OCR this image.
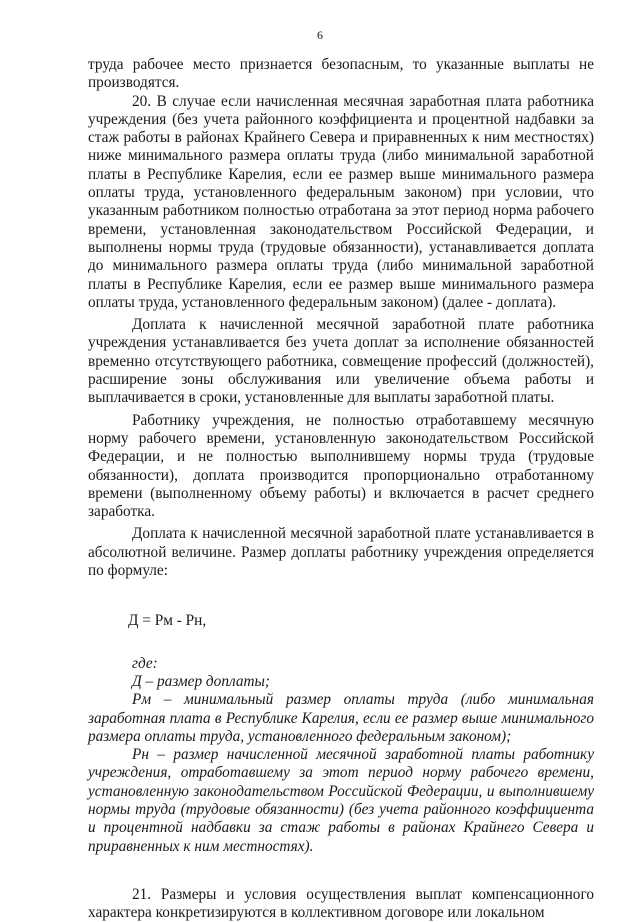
6

труда рабочее место признается безопасным, то указанные выплаты не производятся.

20. В случае если начисленная месячная заработная плата работника учреждения (без учета районного коэффициента и процентной надбавки за стаж работы в районах Крайнего Севера и приравненных к ним местностях) ниже минимального размера оплаты труда (либо минимальной заработной платы в Республике Карелия, если ее размер выше минимального размера оплаты труда, установленного федеральным законом) при условии, что указанным работником полностью отработана за этот период норма рабочего времени, установленная законодательством Российской Федерации, и выполнены нормы труда (трудовые обязанности), устанавливается доплата до минимального размера оплаты труда (либо минимальной заработной платы в Республике Карелия, если ее размер выше минимального размера оплаты труда, установленного федеральным законом) (далее - доплата).

Доплата к начисленной месячной заработной плате работника учреждения устанавливается без учета доплат за исполнение обязанностей временно отсутствующего работника, совмещение профессий (должностей), расширение зоны обслуживания или увеличение объема работы и выплачивается в сроки, установленные для выплаты заработной платы.

Работнику учреждения, не полностью отработавшему месячную норму рабочего времени, установленную законодательством Российской Федерации, и не полностью выполнившему нормы труда (трудовые обязанности), доплата производится пропорционально отработанному времени (выполненному объему работы) и включается в расчет среднего заработка.

Доплата к начисленной месячной заработной плате устанавливается в абсолютной величине. Размер доплаты работнику учреждения определяется по формуле:

Д = Рм - Рн,

где:

Д – размер доплаты;

Рм – минимальный размер оплаты труда (либо минимальная заработная плата в Республике Карелия, если ее размер выше минимального размера оплаты труда, установленного федеральным законом);

Рн – размер начисленной месячной заработной платы работнику учреждения, отработавшему за этот период норму рабочего времени, установленную законодательством Российской Федерации, и выполнившему нормы труда (трудовые обязанности) (без учета районного коэффициента и процентной надбавки за стаж работы в районах Крайнего Севера и приравненных к ним местностях).

21. Размеры и условия осуществления выплат компенсационного характера конкретизируются в коллективном договоре или локальном
